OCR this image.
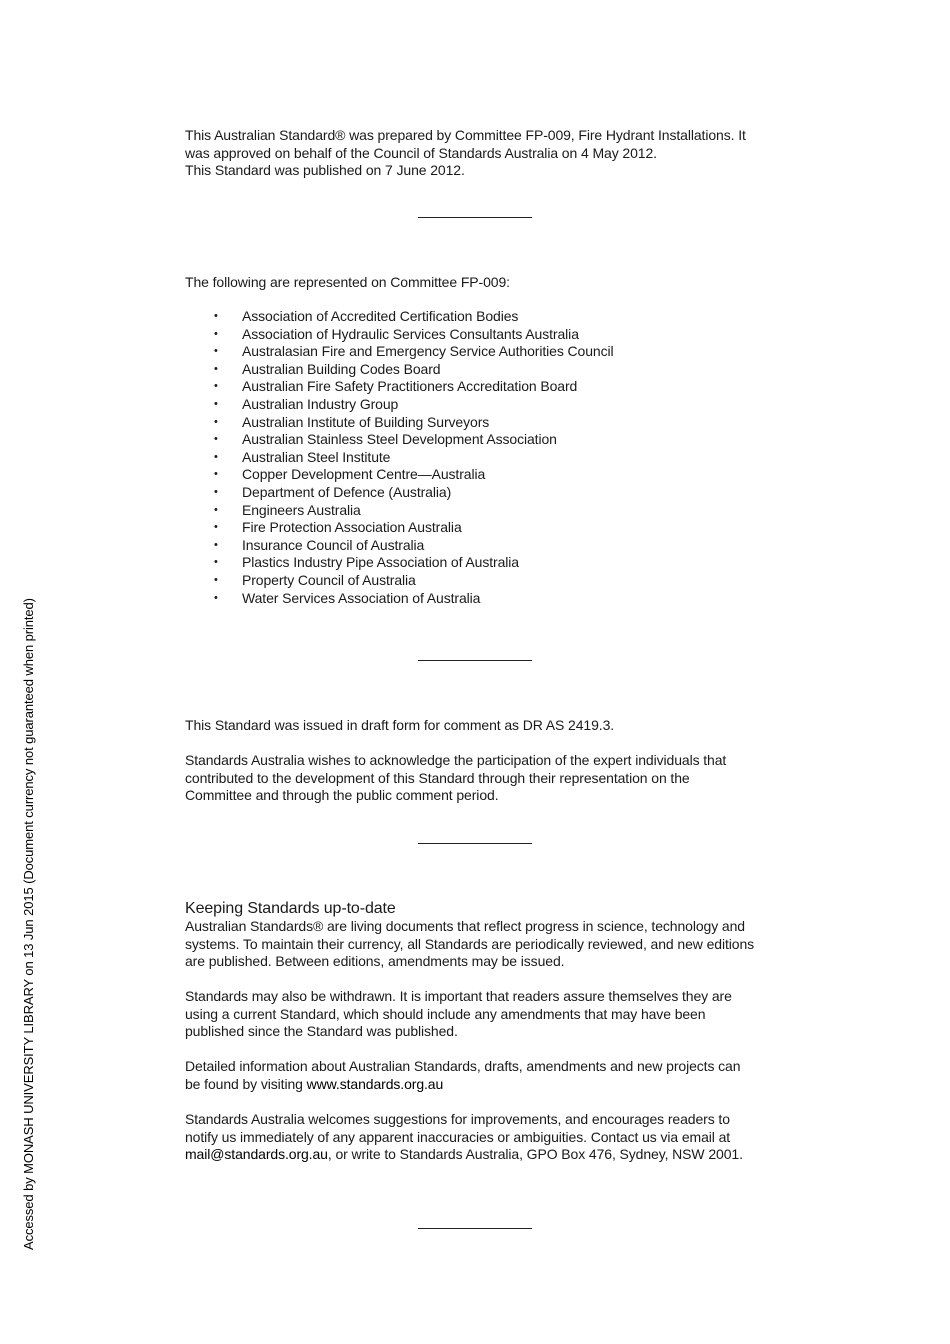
This Australian Standard® was prepared by Committee FP-009, Fire Hydrant Installations. It

was approved on behalf of the Council of Standards Australia on 4 May 2012.

This Standard was published on 7 June 2012.

The following are represented on Committee FP-009:

• Association of Accredited Certification Bodies
• Association of Hydraulic Services Consultants Australia
• Australasian Fire and Emergency Service Authorities Council
• Australian Building Codes Board
• Australian Fire Safety Practitioners Accreditation Board
• Australian Industry Group
• Australian Institute of Building Surveyors
• Australian Stainless Steel Development Association
• Australian Steel Institute
• Copper Development Centre—Australia
• Department of Defence (Australia)
• Engineers Australia
• Fire Protection Association Australia
• Insurance Council of Australia
• Plastics Industry Pipe Association of Australia
• Property Council of Australia
• Water Services Association of Australia

This Standard was issued in draft form for comment as DR AS 2419.3.

Standards Australia wishes to acknowledge the participation of the expert individuals that

contributed to the development of this Standard through their representation on the

Committee and through the public comment period.

Keeping Standards up-to-date

Australian Standards® are living documents that reflect progress in science, technology and

systems. To maintain their currency, all Standards are periodically reviewed, and new editions

are published. Between editions, amendments may be issued.

Standards may also be withdrawn. It is important that readers assure themselves they are

using a current Standard, which should include any amendments that may have been

published since the Standard was published.

Detailed information about Australian Standards, drafts, amendments and new projects can

be found by visiting www.standards.org.au

Standards Australia welcomes suggestions for improvements, and encourages readers to

notify us immediately of any apparent inaccuracies or ambiguities. Contact us via email at

mail@standards.org.au, or write to Standards Australia, GPO Box 476, Sydney, NSW 2001.

Accessed by MONASH UNIVERSITY LIBRARY on 13 Jun 2015 (Document currency not guaranteed when printed)
